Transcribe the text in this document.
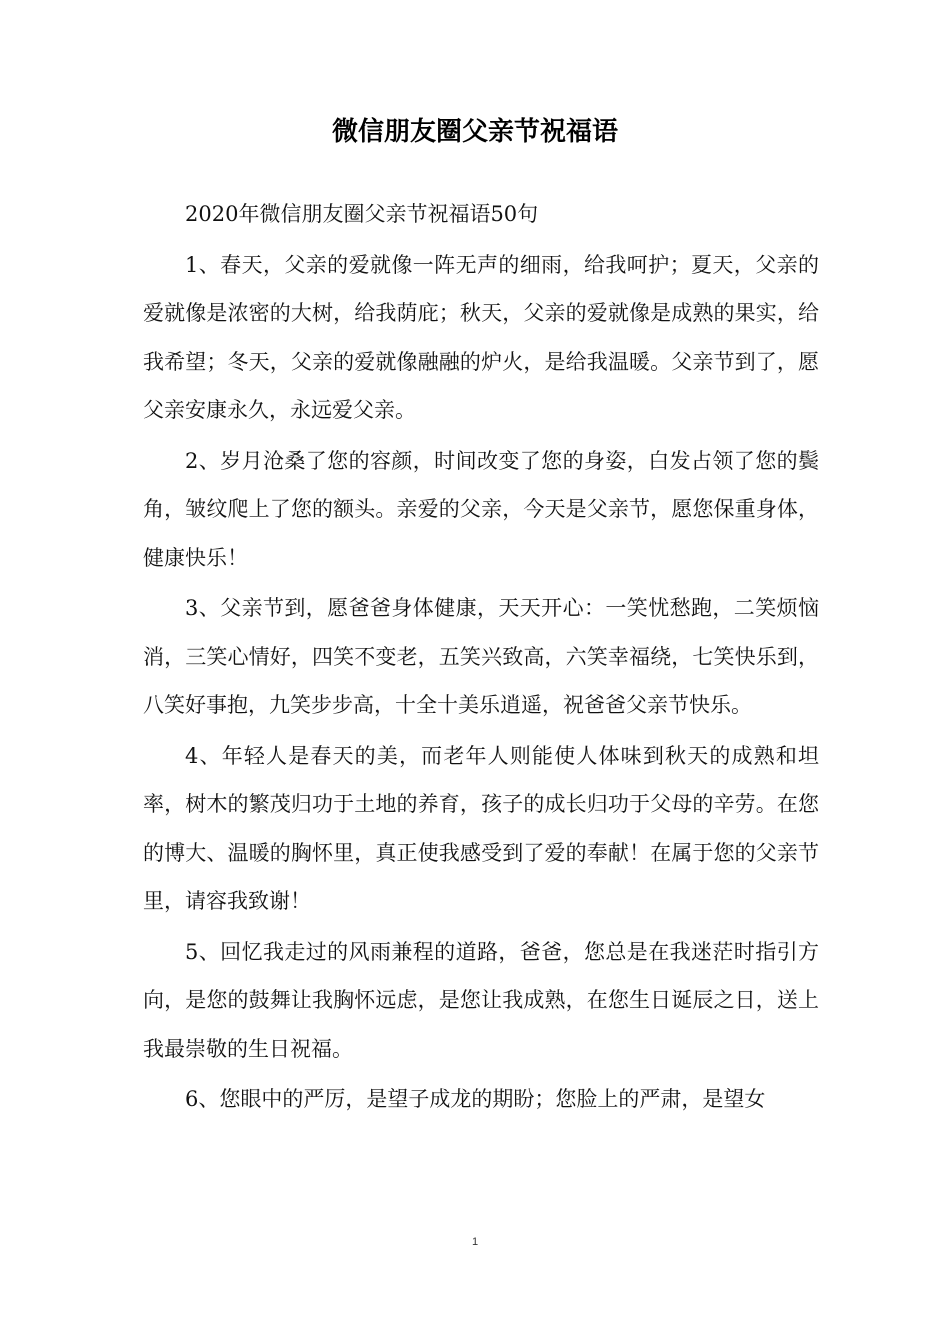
微信朋友圈父亲节祝福语

2020年微信朋友圈父亲节祝福语50句

1、春天，父亲的爱就像一阵无声的细雨，给我呵护；夏天，父亲的爱就像是浓密的大树，给我荫庇；秋天，父亲的爱就像是成熟的果实，给我希望；冬天，父亲的爱就像融融的炉火，是给我温暖。父亲节到了，愿父亲安康永久，永远爱父亲。

2、岁月沧桑了您的容颜，时间改变了您的身姿，白发占领了您的鬓角，皱纹爬上了您的额头。亲爱的父亲，今天是父亲节，愿您保重身体，健康快乐！

3、父亲节到，愿爸爸身体健康，天天开心：一笑忧愁跑，二笑烦恼消，三笑心情好，四笑不变老，五笑兴致高，六笑幸福绕，七笑快乐到，八笑好事抱，九笑步步高，十全十美乐逍遥，祝爸爸父亲节快乐。

4、年轻人是春天的美，而老年人则能使人体味到秋天的成熟和坦率，树木的繁茂归功于土地的养育，孩子的成长归功于父母的辛劳。在您的博大、温暖的胸怀里，真正使我感受到了爱的奉献！在属于您的父亲节里，请容我致谢！

5、回忆我走过的风雨兼程的道路，爸爸，您总是在我迷茫时指引方向，是您的鼓舞让我胸怀远虑，是您让我成熟，在您生日诞辰之日，送上我最崇敬的生日祝福。

6、您眼中的严厉，是望子成龙的期盼；您脸上的严肃，是望女

1
